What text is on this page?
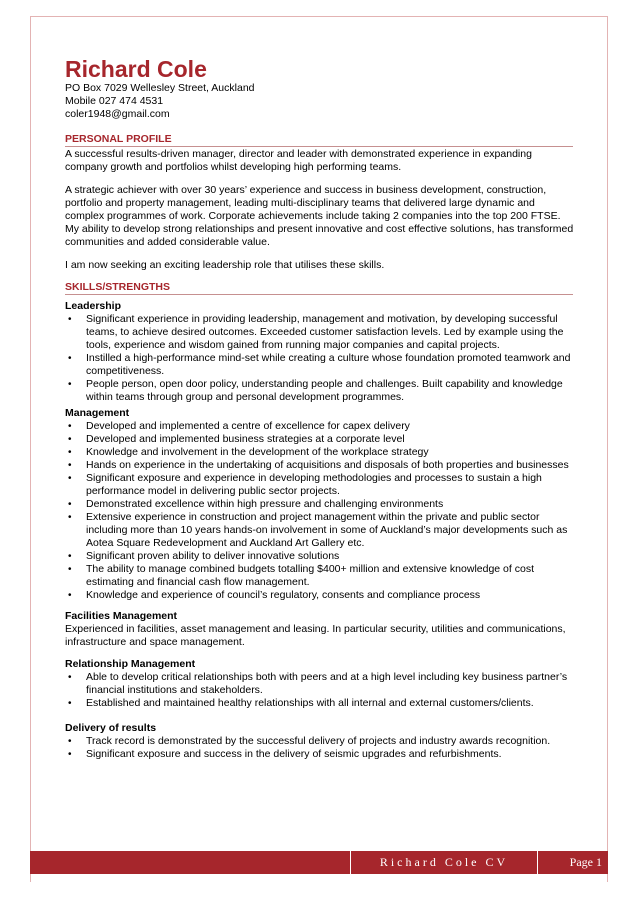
Richard Cole
PO Box 7029 Wellesley Street, Auckland
Mobile 027 474 4531
coler1948@gmail.com
PERSONAL PROFILE

A successful results-driven manager, director and leader with demonstrated experience in expanding company growth and portfolios whilst developing high performing teams.

A strategic achiever with over 30 years’ experience and success in business development, construction, portfolio and property management, leading multi-disciplinary teams that delivered large dynamic and complex programmes of work. Corporate achievements include taking 2 companies into the top 200 FTSE. My ability to develop strong relationships and present innovative and cost effective solutions, has transformed communities and added considerable value.

I am now seeking an exciting leadership role that utilises these skills.

SKILLS/STRENGTHS
Leadership
• Significant experience in providing leadership, management and motivation, by developing successful teams, to achieve desired outcomes. Exceeded customer satisfaction levels. Led by example using the tools, experience and wisdom gained from running major companies and capital projects.
• Instilled a high-performance mind-set while creating a culture whose foundation promoted teamwork and competitiveness.
• People person, open door policy, understanding people and challenges. Built capability and knowledge within teams through group and personal development programmes.
Management
• Developed and implemented a centre of excellence for capex delivery
• Developed and implemented business strategies at a corporate level
• Knowledge and involvement in the development of the workplace strategy
• Hands on experience in the undertaking of acquisitions and disposals of both properties and businesses
• Significant exposure and experience in developing methodologies and processes to sustain a high performance model in delivering public sector projects.
• Demonstrated excellence within high pressure and challenging environments
• Extensive experience in construction and project management within the private and public sector including more than 10 years hands-on involvement in some of Auckland’s major developments such as Aotea Square Redevelopment and Auckland Art Gallery etc.
• Significant proven ability to deliver innovative solutions
• The ability to manage combined budgets totalling $400+ million and extensive knowledge of cost estimating and financial cash flow management.
• Knowledge and experience of council’s regulatory, consents and compliance process
Facilities Management

Experienced in facilities, asset management and leasing. In particular security, utilities and communications, infrastructure and space management.

Relationship Management
• Able to develop critical relationships both with peers and at a high level including key business partner’s financial institutions and stakeholders.
• Established and maintained healthy relationships with all internal and external customers/clients.
Delivery of results
• Track record is demonstrated by the successful delivery of projects and industry awards recognition.
• Significant exposure and success in the delivery of seismic upgrades and refurbishments.
Richard Cole CV	Page 1
